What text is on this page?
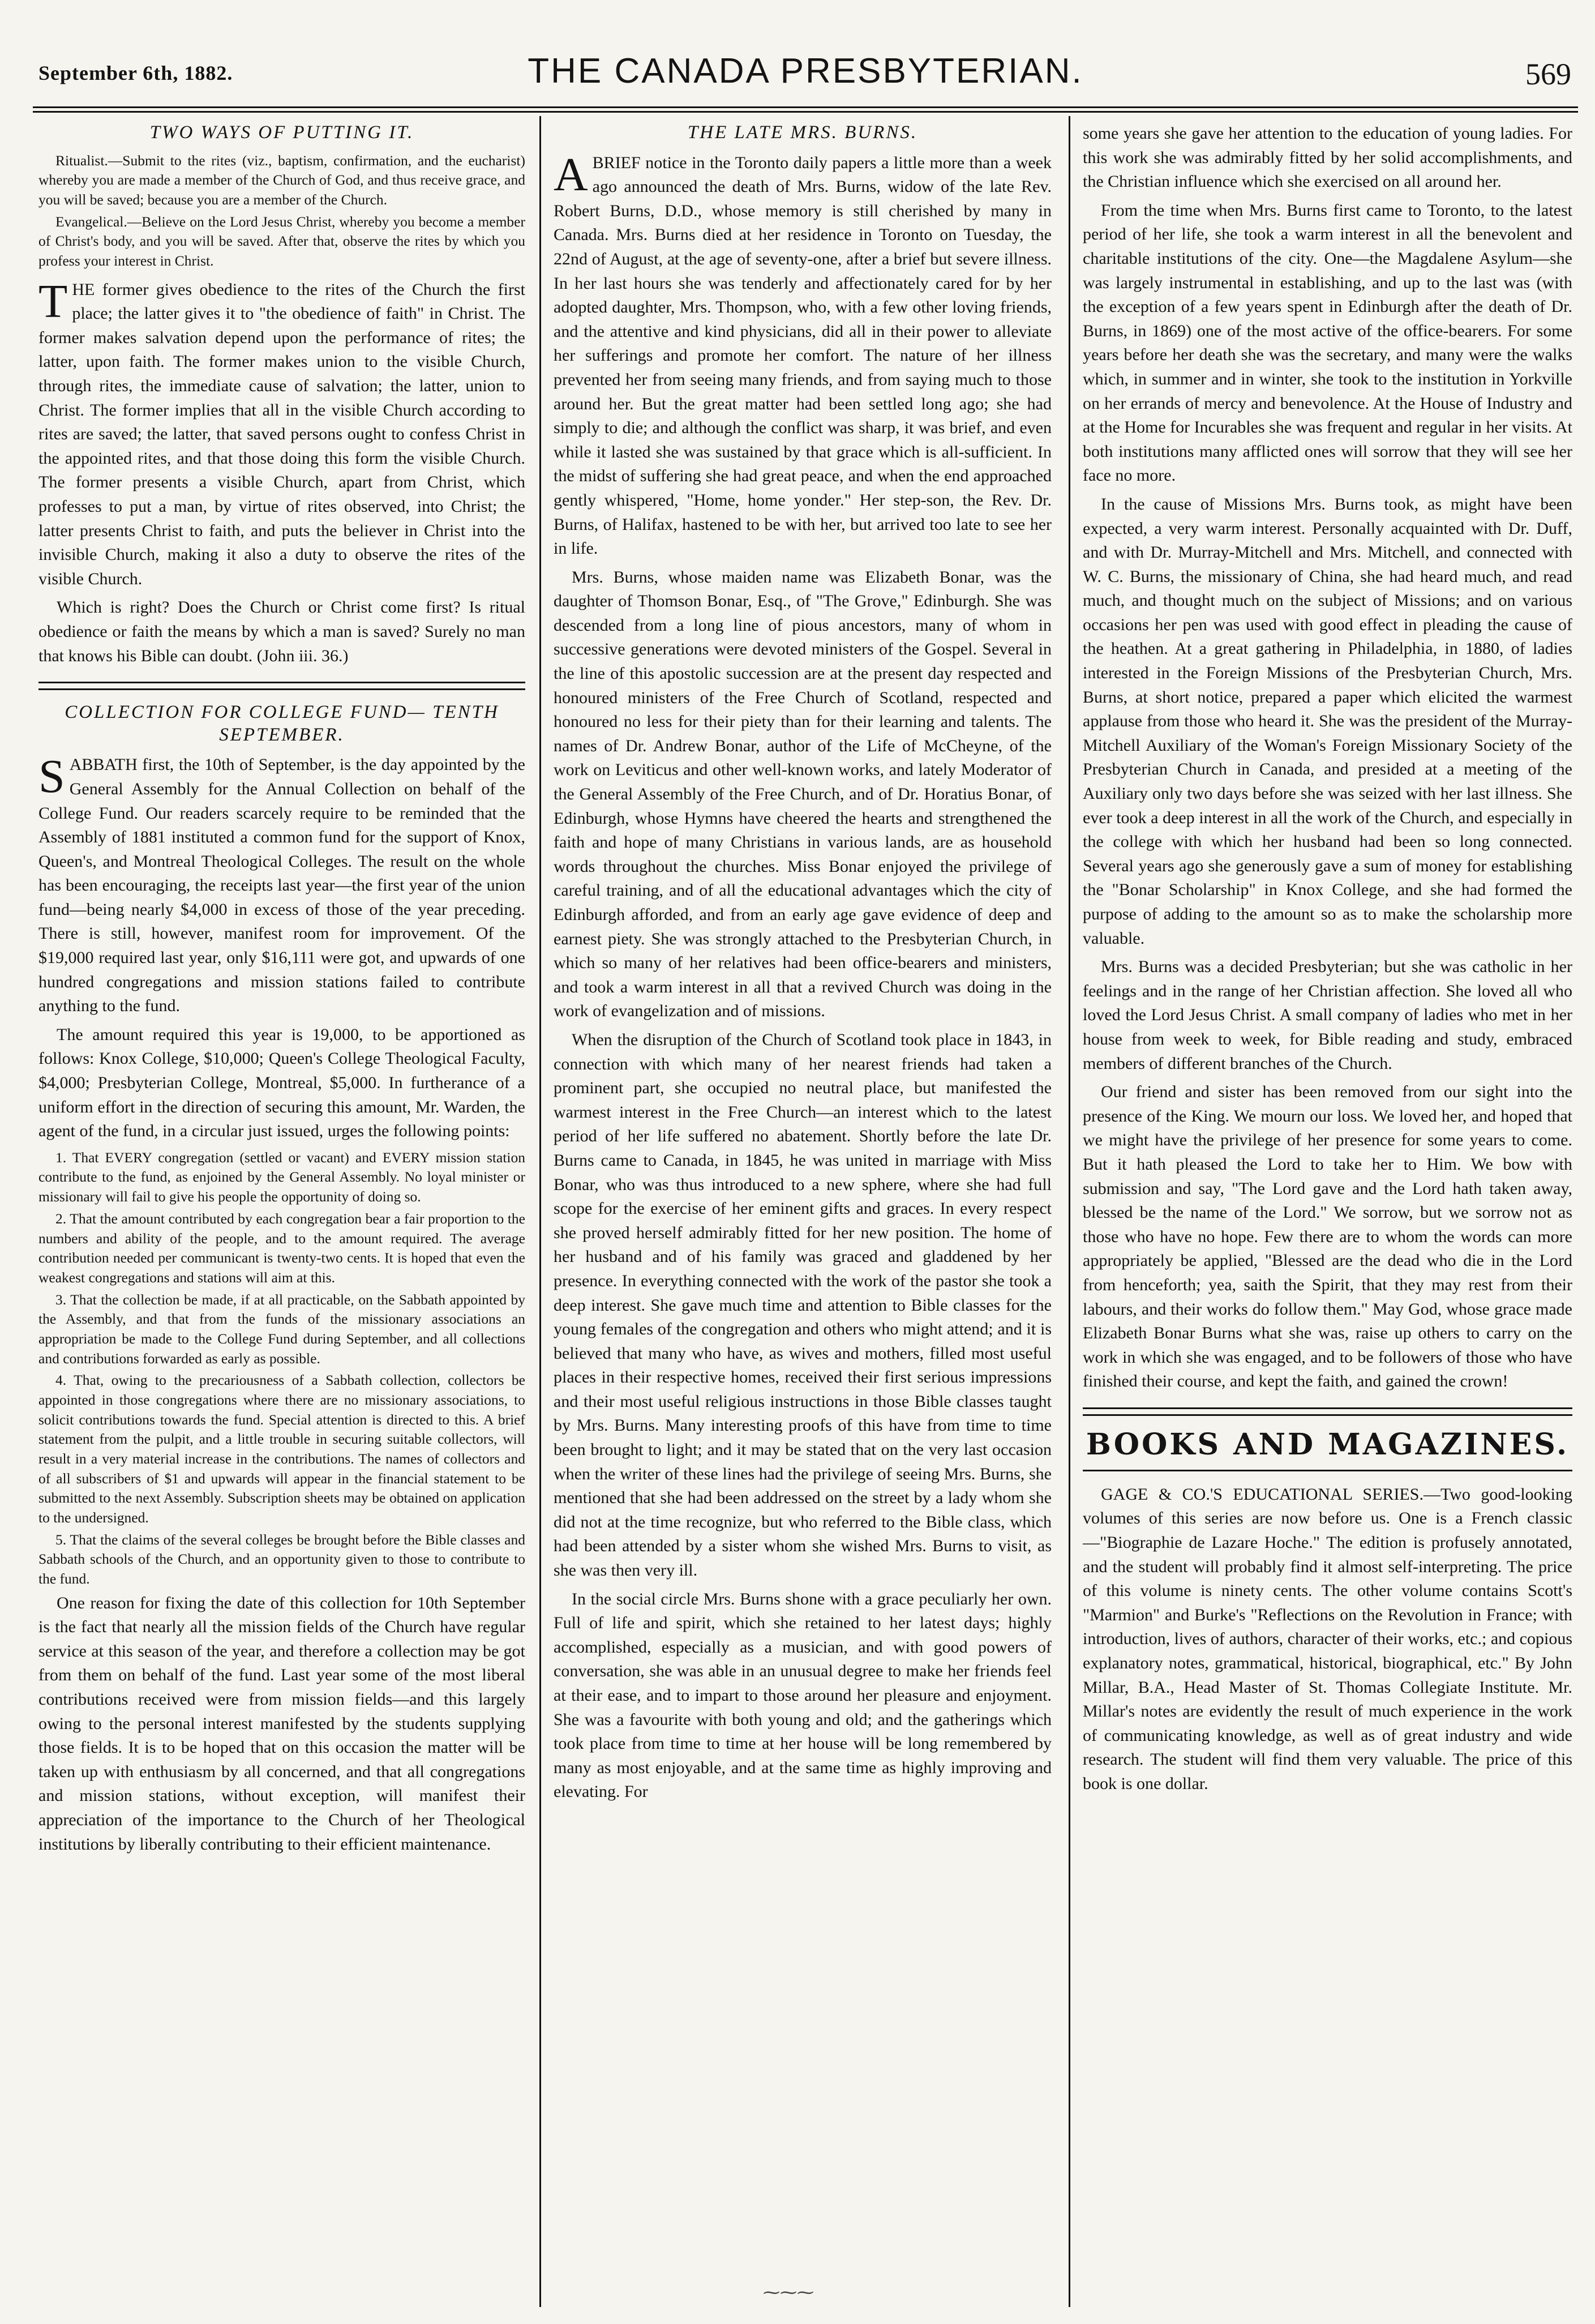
September 6th, 1882.	THE CANADA PRESBYTERIAN.	569
TWO WAYS OF PUTTING IT.

Ritualist.—Submit to the rites (viz., baptism, confirmation, and the eucharist) whereby you are made a member of the Church of God, and thus receive grace, and you will be saved; because you are a member of the Church.

Evangelical.—Believe on the Lord Jesus Christ, whereby you become a member of Christ's body, and you will be saved. After that, observe the rites by which you profess your interest in Christ.

THE former gives obedience to the rites of the Church the first place; the latter gives it to "the obedience of faith" in Christ. The former makes salvation depend upon the performance of rites; the latter, upon faith. The former makes union to the visible Church, through rites, the immediate cause of salvation; the latter, union to Christ. The former implies that all in the visible Church according to rites are saved; the latter, that saved persons ought to confess Christ in the appointed rites, and that those doing this form the visible Church. The former presents a visible Church, apart from Christ, which professes to put a man, by virtue of rites observed, into Christ; the latter presents Christ to faith, and puts the believer in Christ into the invisible Church, making it also a duty to observe the rites of the visible Church.

Which is right? Does the Church or Christ come first? Is ritual obedience or faith the means by which a man is saved? Surely no man that knows his Bible can doubt. (John iii. 36.)

COLLECTION FOR COLLEGE FUND— TENTH SEPTEMBER.

SABBATH first, the 10th of September, is the day appointed by the General Assembly for the Annual Collection on behalf of the College Fund. Our readers scarcely require to be reminded that the Assembly of 1881 instituted a common fund for the support of Knox, Queen's, and Montreal Theological Colleges. The result on the whole has been encouraging, the receipts last year—the first year of the union fund—being nearly $4,000 in excess of those of the year preceding. There is still, however, manifest room for improvement. Of the $19,000 required last year, only $16,111 were got, and upwards of one hundred congregations and mission stations failed to contribute anything to the fund.

The amount required this year is 19,000, to be apportioned as follows: Knox College, $10,000; Queen's College Theological Faculty, $4,000; Presbyterian College, Montreal, $5,000. In furtherance of a uniform effort in the direction of securing this amount, Mr. Warden, the agent of the fund, in a circular just issued, urges the following points:

1. That EVERY congregation (settled or vacant) and EVERY mission station contribute to the fund, as enjoined by the General Assembly. No loyal minister or missionary will fail to give his people the opportunity of doing so.

2. That the amount contributed by each congregation bear a fair proportion to the numbers and ability of the people, and to the amount required. The average contribution needed per communicant is twenty-two cents. It is hoped that even the weakest congregations and stations will aim at this.

3. That the collection be made, if at all practicable, on the Sabbath appointed by the Assembly, and that from the funds of the missionary associations an appropriation be made to the College Fund during September, and all collections and contributions forwarded as early as possible.

4. That, owing to the precariousness of a Sabbath collection, collectors be appointed in those congregations where there are no missionary associations, to solicit contributions towards the fund. Special attention is directed to this. A brief statement from the pulpit, and a little trouble in securing suitable collectors, will result in a very material increase in the contributions. The names of collectors and of all subscribers of $1 and upwards will appear in the financial statement to be submitted to the next Assembly. Subscription sheets may be obtained on application to the undersigned.

5. That the claims of the several colleges be brought before the Bible classes and Sabbath schools of the Church, and an opportunity given to those to contribute to the fund.

One reason for fixing the date of this collection for 10th September is the fact that nearly all the mission fields of the Church have regular service at this season of the year, and therefore a collection may be got from them on behalf of the fund. Last year some of the most liberal contributions received were from mission fields—and this largely owing to the personal interest manifested by the students supplying those fields. It is to be hoped that on this occasion the matter will be taken up with enthusiasm by all concerned, and that all congregations and mission stations, without exception, will manifest their appreciation of the importance to the Church of her Theological institutions by liberally contributing to their efficient maintenance.

THE LATE MRS. BURNS.

ABRIEF notice in the Toronto daily papers a little more than a week ago announced the death of Mrs. Burns, widow of the late Rev. Robert Burns, D.D., whose memory is still cherished by many in Canada. Mrs. Burns died at her residence in Toronto on Tuesday, the 22nd of August, at the age of seventy-one, after a brief but severe illness. In her last hours she was tenderly and affectionately cared for by her adopted daughter, Mrs. Thompson, who, with a few other loving friends, and the attentive and kind physicians, did all in their power to alleviate her sufferings and promote her comfort. The nature of her illness prevented her from seeing many friends, and from saying much to those around her. But the great matter had been settled long ago; she had simply to die; and although the conflict was sharp, it was brief, and even while it lasted she was sustained by that grace which is all-sufficient. In the midst of suffering she had great peace, and when the end approached gently whispered, "Home, home yonder." Her step-son, the Rev. Dr. Burns, of Halifax, hastened to be with her, but arrived too late to see her in life.

Mrs. Burns, whose maiden name was Elizabeth Bonar, was the daughter of Thomson Bonar, Esq., of "The Grove," Edinburgh. She was descended from a long line of pious ancestors, many of whom in successive generations were devoted ministers of the Gospel. Several in the line of this apostolic succession are at the present day respected and honoured ministers of the Free Church of Scotland, respected and honoured no less for their piety than for their learning and talents. The names of Dr. Andrew Bonar, author of the Life of McCheyne, of the work on Leviticus and other well-known works, and lately Moderator of the General Assembly of the Free Church, and of Dr. Horatius Bonar, of Edinburgh, whose Hymns have cheered the hearts and strengthened the faith and hope of many Christians in various lands, are as household words throughout the churches. Miss Bonar enjoyed the privilege of careful training, and of all the educational advantages which the city of Edinburgh afforded, and from an early age gave evidence of deep and earnest piety. She was strongly attached to the Presbyterian Church, in which so many of her relatives had been office-bearers and ministers, and took a warm interest in all that a revived Church was doing in the work of evangelization and of missions.

When the disruption of the Church of Scotland took place in 1843, in connection with which many of her nearest friends had taken a prominent part, she occupied no neutral place, but manifested the warmest interest in the Free Church—an interest which to the latest period of her life suffered no abatement. Shortly before the late Dr. Burns came to Canada, in 1845, he was united in marriage with Miss Bonar, who was thus introduced to a new sphere, where she had full scope for the exercise of her eminent gifts and graces. In every respect she proved herself admirably fitted for her new position. The home of her husband and of his family was graced and gladdened by her presence. In everything connected with the work of the pastor she took a deep interest. She gave much time and attention to Bible classes for the young females of the congregation and others who might attend; and it is believed that many who have, as wives and mothers, filled most useful places in their respective homes, received their first serious impressions and their most useful religious instructions in those Bible classes taught by Mrs. Burns. Many interesting proofs of this have from time to time been brought to light; and it may be stated that on the very last occasion when the writer of these lines had the privilege of seeing Mrs. Burns, she mentioned that she had been addressed on the street by a lady whom she did not at the time recognize, but who referred to the Bible class, which had been attended by a sister whom she wished Mrs. Burns to visit, as she was then very ill.

In the social circle Mrs. Burns shone with a grace peculiarly her own. Full of life and spirit, which she retained to her latest days; highly accomplished, especially as a musician, and with good powers of conversation, she was able in an unusual degree to make her friends feel at their ease, and to impart to those around her pleasure and enjoyment. She was a favourite with both young and old; and the gatherings which took place from time to time at her house will be long remembered by many as most enjoyable, and at the same time as highly improving and elevating. For

some years she gave her attention to the education of young ladies. For this work she was admirably fitted by her solid accomplishments, and the Christian influence which she exercised on all around her.

From the time when Mrs. Burns first came to Toronto, to the latest period of her life, she took a warm interest in all the benevolent and charitable institutions of the city. One—the Magdalene Asylum—she was largely instrumental in establishing, and up to the last was (with the exception of a few years spent in Edinburgh after the death of Dr. Burns, in 1869) one of the most active of the office-bearers. For some years before her death she was the secretary, and many were the walks which, in summer and in winter, she took to the institution in Yorkville on her errands of mercy and benevolence. At the House of Industry and at the Home for Incurables she was frequent and regular in her visits. At both institutions many afflicted ones will sorrow that they will see her face no more.

In the cause of Missions Mrs. Burns took, as might have been expected, a very warm interest. Personally acquainted with Dr. Duff, and with Dr. Murray-Mitchell and Mrs. Mitchell, and connected with W. C. Burns, the missionary of China, she had heard much, and read much, and thought much on the subject of Missions; and on various occasions her pen was used with good effect in pleading the cause of the heathen. At a great gathering in Philadelphia, in 1880, of ladies interested in the Foreign Missions of the Presbyterian Church, Mrs. Burns, at short notice, prepared a paper which elicited the warmest applause from those who heard it. She was the president of the Murray-Mitchell Auxiliary of the Woman's Foreign Missionary Society of the Presbyterian Church in Canada, and presided at a meeting of the Auxiliary only two days before she was seized with her last illness. She ever took a deep interest in all the work of the Church, and especially in the college with which her husband had been so long connected. Several years ago she generously gave a sum of money for establishing the "Bonar Scholarship" in Knox College, and she had formed the purpose of adding to the amount so as to make the scholarship more valuable.

Mrs. Burns was a decided Presbyterian; but she was catholic in her feelings and in the range of her Christian affection. She loved all who loved the Lord Jesus Christ. A small company of ladies who met in her house from week to week, for Bible reading and study, embraced members of different branches of the Church.

Our friend and sister has been removed from our sight into the presence of the King. We mourn our loss. We loved her, and hoped that we might have the privilege of her presence for some years to come. But it hath pleased the Lord to take her to Him. We bow with submission and say, "The Lord gave and the Lord hath taken away, blessed be the name of the Lord." We sorrow, but we sorrow not as those who have no hope. Few there are to whom the words can more appropriately be applied, "Blessed are the dead who die in the Lord from henceforth; yea, saith the Spirit, that they may rest from their labours, and their works do follow them." May God, whose grace made Elizabeth Bonar Burns what she was, raise up others to carry on the work in which she was engaged, and to be followers of those who have finished their course, and kept the faith, and gained the crown!

BOOKS AND MAGAZINES.

GAGE & CO.'S EDUCATIONAL SERIES.—Two good-looking volumes of this series are now before us. One is a French classic—"Biographie de Lazare Hoche." The edition is profusely annotated, and the student will probably find it almost self-interpreting. The price of this volume is ninety cents. The other volume contains Scott's "Marmion" and Burke's "Reflections on the Revolution in France; with introduction, lives of authors, character of their works, etc.; and copious explanatory notes, grammatical, historical, biographical, etc." By John Millar, B.A., Head Master of St. Thomas Collegiate Institute. Mr. Millar's notes are evidently the result of much experience in the work of communicating knowledge, as well as of great industry and wide research. The student will find them very valuable. The price of this book is one dollar.

⁓⁓⁓
